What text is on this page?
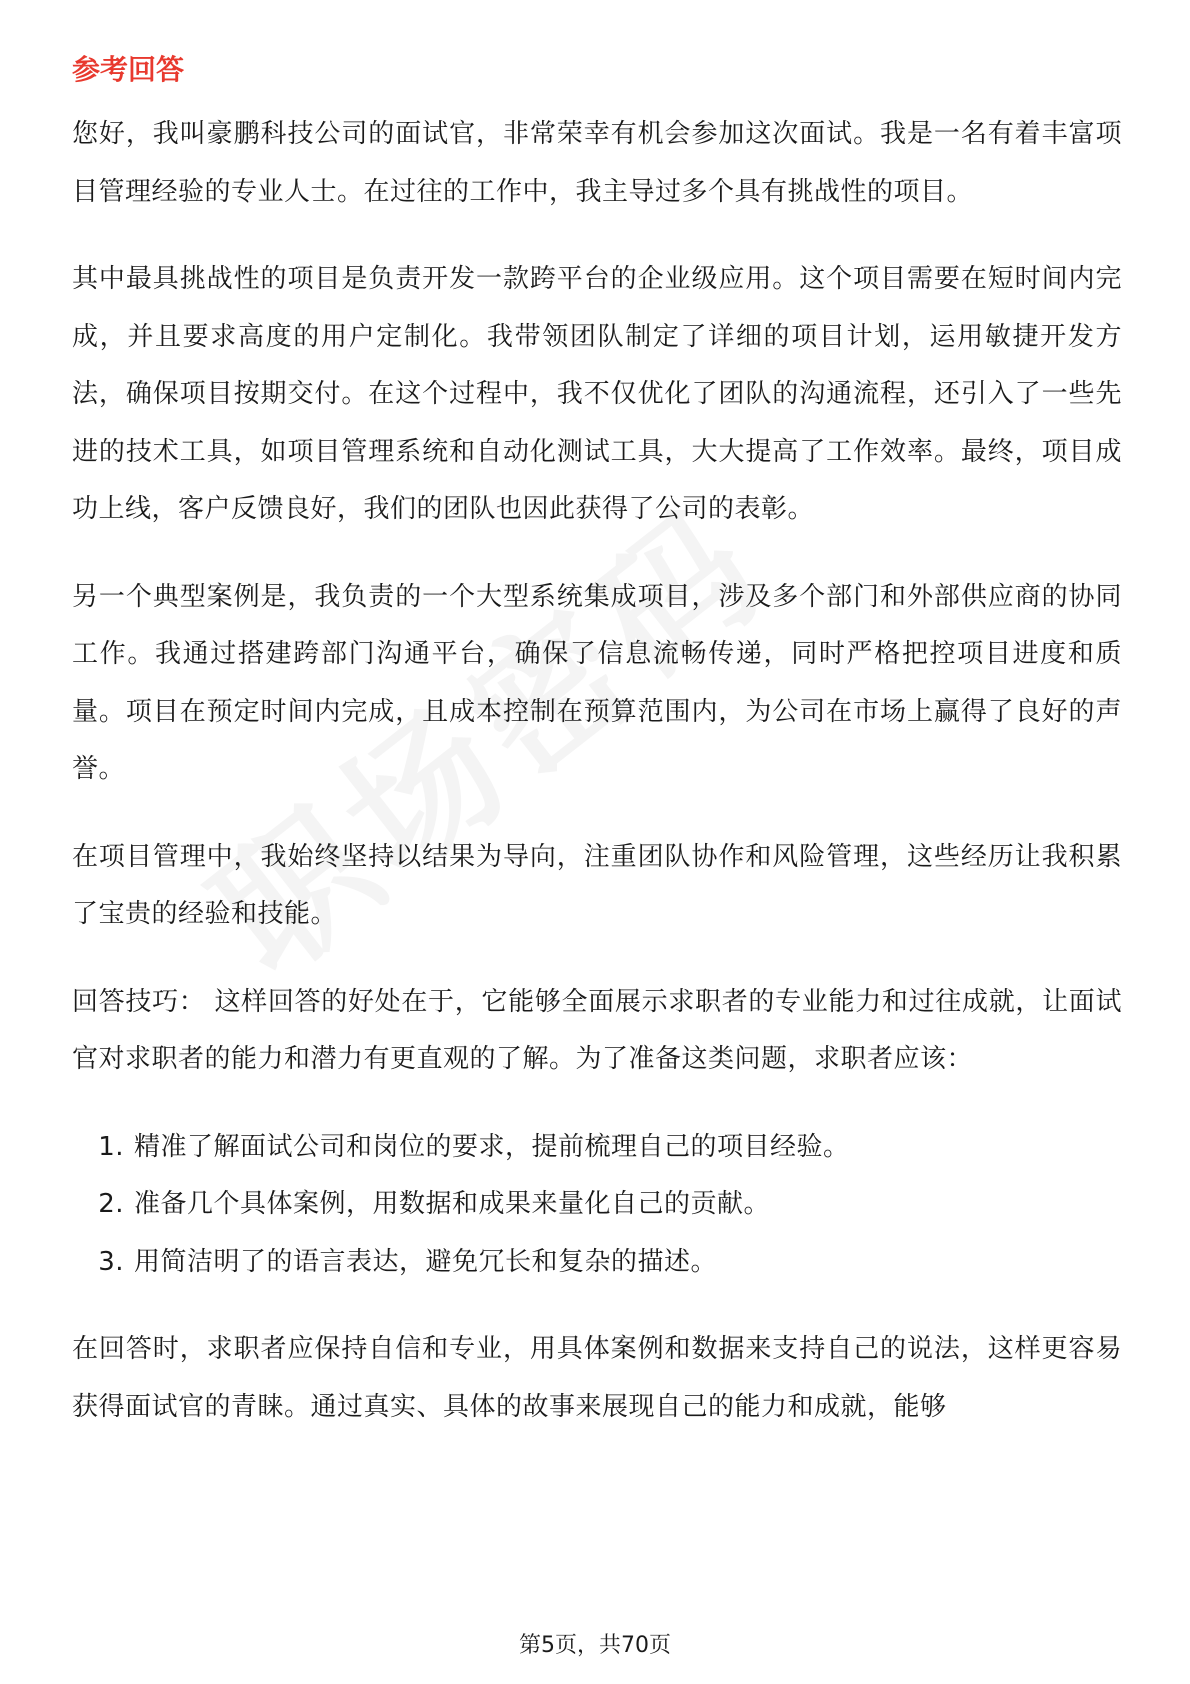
参考回答

您好，我叫豪鹏科技公司的面试官，非常荣幸有机会参加这次面试。我是一名有着丰富项目管理经验的专业人士。在过往的工作中，我主导过多个具有挑战性的项目。

其中最具挑战性的项目是负责开发一款跨平台的企业级应用。这个项目需要在短时间内完成，并且要求高度的用户定制化。我带领团队制定了详细的项目计划，运用敏捷开发方法，确保项目按期交付。在这个过程中，我不仅优化了团队的沟通流程，还引入了一些先进的技术工具，如项目管理系统和自动化测试工具，大大提高了工作效率。最终，项目成功上线，客户反馈良好，我们的团队也因此获得了公司的表彰。

另一个典型案例是，我负责的一个大型系统集成项目，涉及多个部门和外部供应商的协同工作。我通过搭建跨部门沟通平台，确保了信息流畅传递，同时严格把控项目进度和质量。项目在预定时间内完成，且成本控制在预算范围内，为公司在市场上赢得了良好的声誉。

在项目管理中，我始终坚持以结果为导向，注重团队协作和风险管理，这些经历让我积累了宝贵的经验和技能。

回答技巧： 这样回答的好处在于，它能够全面展示求职者的专业能力和过往成就，让面试官对求职者的能力和潜力有更直观的了解。为了准备这类问题，求职者应该：

1. 精准了解面试公司和岗位的要求，提前梳理自己的项目经验。
2. 准备几个具体案例，用数据和成果来量化自己的贡献。
3. 用简洁明了的语言表达，避免冗长和复杂的描述。

在回答时，求职者应保持自信和专业，用具体案例和数据来支持自己的说法，这样更容易获得面试官的青睐。通过真实、具体的故事来展现自己的能力和成就，能够

第5页，共70页
